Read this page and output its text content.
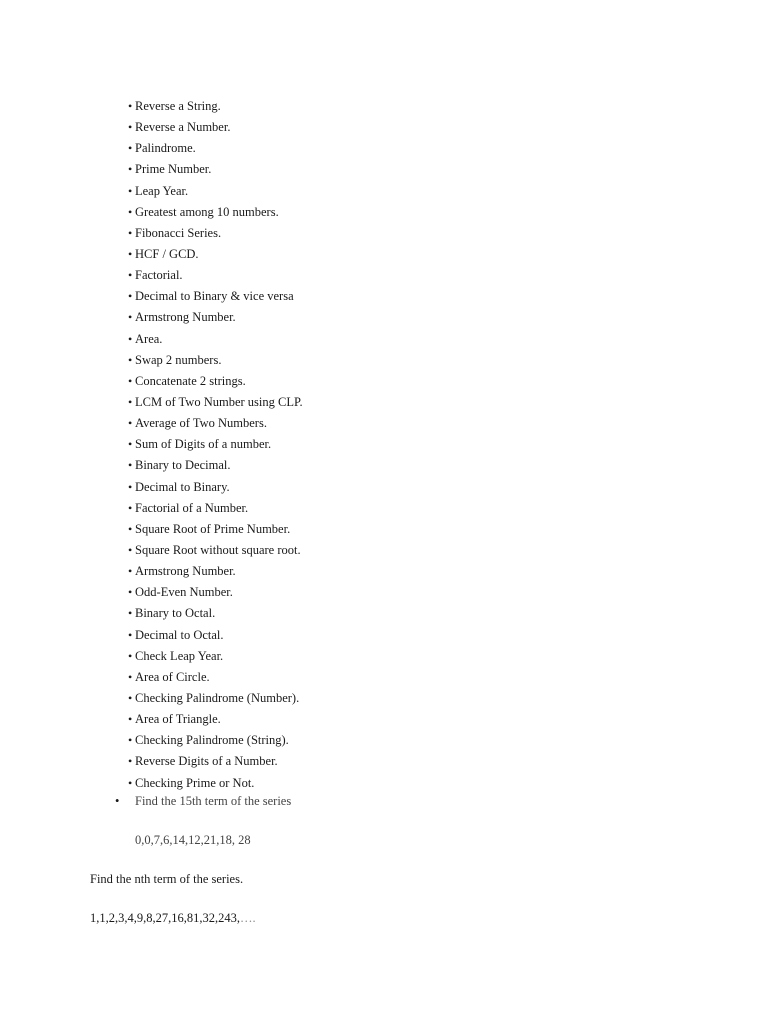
• Reverse a String.
• Reverse a Number.
• Palindrome.
• Prime Number.
• Leap Year.
• Greatest among 10 numbers.
• Fibonacci Series.
• HCF / GCD.
• Factorial.
• Decimal to Binary & vice versa
• Armstrong Number.
• Area.
• Swap 2 numbers.
• Concatenate 2 strings.
• LCM of Two Number using CLP.
• Average of Two Numbers.
• Sum of Digits of a number.
• Binary to Decimal.
• Decimal to Binary.
• Factorial of a Number.
• Square Root of Prime Number.
• Square Root without square root.
• Armstrong Number.
• Odd-Even Number.
• Binary to Octal.
• Decimal to Octal.
• Check Leap Year.
• Area of Circle.
• Checking Palindrome (Number).
• Area of Triangle.
• Checking Palindrome (String).
• Reverse Digits of a Number.
• Checking Prime or Not.
• Find the 15th term of the series
0,0,7,6,14,12,21,18, 28
Find the nth term of the series.
1,1,2,3,4,9,8,27,16,81,32,243,….
